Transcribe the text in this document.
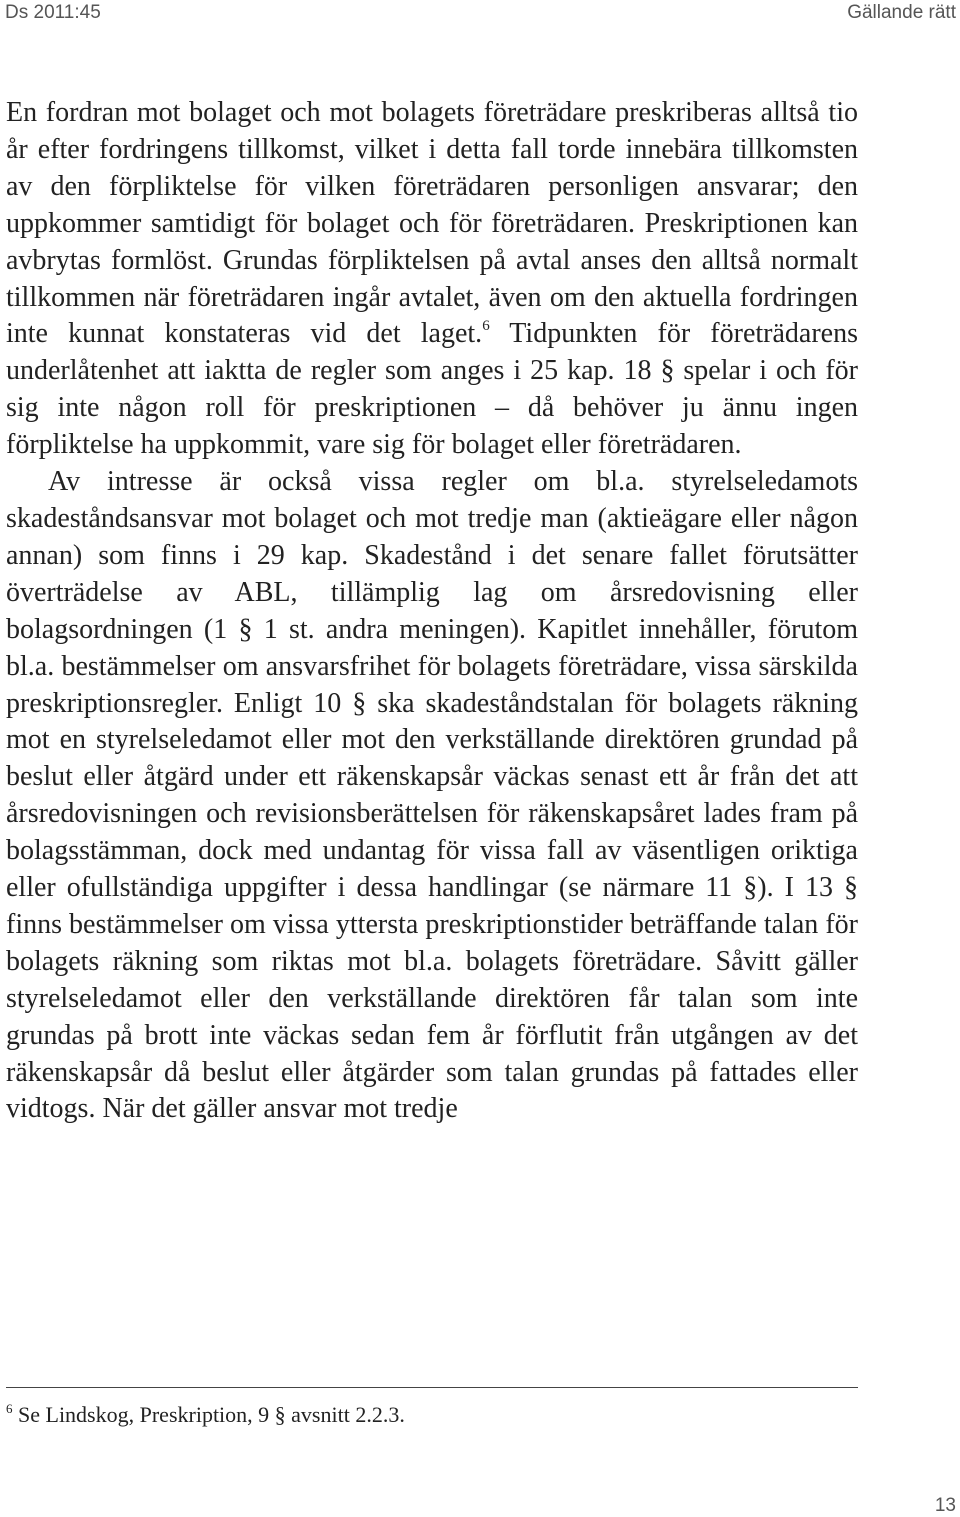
Ds 2011:45	Gällande rätt

En fordran mot bolaget och mot bolagets företrädare preskriberas alltså tio år efter fordringens tillkomst, vilket i detta fall torde innebära tillkomsten av den förpliktelse för vilken företrädaren personligen ansvarar; den uppkommer samtidigt för bolaget och för företrädaren. Preskriptionen kan avbrytas formlöst. Grundas förpliktelsen på avtal anses den alltså normalt tillkommen när företrädaren ingår avtalet, även om den aktuella fordringen inte kunnat konstateras vid det laget.$^6$ Tidpunkten för företrädarens underlåtenhet att iaktta de regler som anges i 25 kap. 18 § spelar i och för sig inte någon roll för preskriptionen – då behöver ju ännu ingen förpliktelse ha uppkommit, vare sig för bolaget eller företrädaren.

Av intresse är också vissa regler om bl.a. styrelseledamots skadeståndsansvar mot bolaget och mot tredje man (aktieägare eller någon annan) som finns i 29 kap. Skadestånd i det senare fallet förutsätter överträdelse av ABL, tillämplig lag om årsredovisning eller bolagsordningen (1 § 1 st. andra meningen). Kapitlet innehåller, förutom bl.a. bestämmelser om ansvarsfrihet för bolagets företrädare, vissa särskilda preskriptionsregler. Enligt 10 § ska skadeståndstalan för bolagets räkning mot en styrelseledamot eller mot den verkställande direktören grundad på beslut eller åtgärd under ett räkenskapsår väckas senast ett år från det att årsredovisningen och revisionsberättelsen för räkenskapsåret lades fram på bolagsstämman, dock med undantag för vissa fall av väsentligen oriktiga eller ofullständiga uppgifter i dessa handlingar (se närmare 11 §). I 13 § finns bestämmelser om vissa yttersta preskriptionstider beträffande talan för bolagets räkning som riktas mot bl.a. bolagets företrädare. Såvitt gäller styrelseledamot eller den verkställande direktören får talan som inte grundas på brott inte väckas sedan fem år förflutit från utgången av det räkenskapsår då beslut eller åtgärder som talan grundas på fattades eller vidtogs. När det gäller ansvar mot tredje

$^6$ Se Lindskog, Preskription, 9 § avsnitt 2.2.3.
13
